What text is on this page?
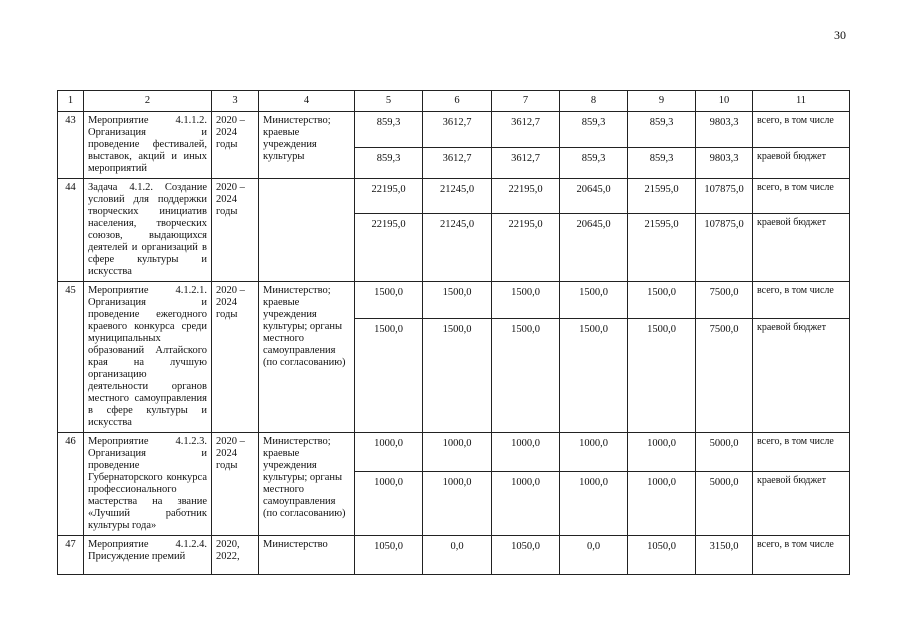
30
1	2	3	4	5	6	7	8	9	10	11
43	Мероприятие 4.1.1.2. Организация и проведение фестивалей, выставок, акций и иных мероприятий	2020 – 2024 годы	Министерство; краевые учреждения культуры	859,3	3612,7	3612,7	859,3	859,3	9803,3	всего, в том числе
				859,3	3612,7	3612,7	859,3	859,3	9803,3	краевой бюджет
44	Задача 4.1.2. Создание условий для поддержки творческих инициатив населения, творческих союзов, выдающихся деятелей и организаций в сфере культуры и искусства	2020 – 2024 годы		22195,0	21245,0	22195,0	20645,0	21595,0	107875,0	всего, в том числе
				22195,0	21245,0	22195,0	20645,0	21595,0	107875,0	краевой бюджет
45	Мероприятие 4.1.2.1. Организация и проведение ежегодного краевого конкурса среди муниципальных образований Алтайского края на лучшую организацию деятельности органов местного самоуправления в сфере культуры и искусства	2020 – 2024 годы	Министерство; краевые учреждения культуры; органы местного самоуправления (по согласованию)	1500,0	1500,0	1500,0	1500,0	1500,0	7500,0	всего, в том числе
				1500,0	1500,0	1500,0	1500,0	1500,0	7500,0	краевой бюджет
46	Мероприятие 4.1.2.3. Организация и проведение Губернаторского конкурса профессионального мастерства на звание «Лучший работник культуры года»	2020 – 2024 годы	Министерство; краевые учреждения культуры; органы местного самоуправления (по согласованию)	1000,0	1000,0	1000,0	1000,0	1000,0	5000,0	всего, в том числе
				1000,0	1000,0	1000,0	1000,0	1000,0	5000,0	краевой бюджет
47	Мероприятие 4.1.2.4. Присуждение премий	2020, 2022,	Министерство	1050,0	0,0	1050,0	0,0	1050,0	3150,0	всего, в том числе
